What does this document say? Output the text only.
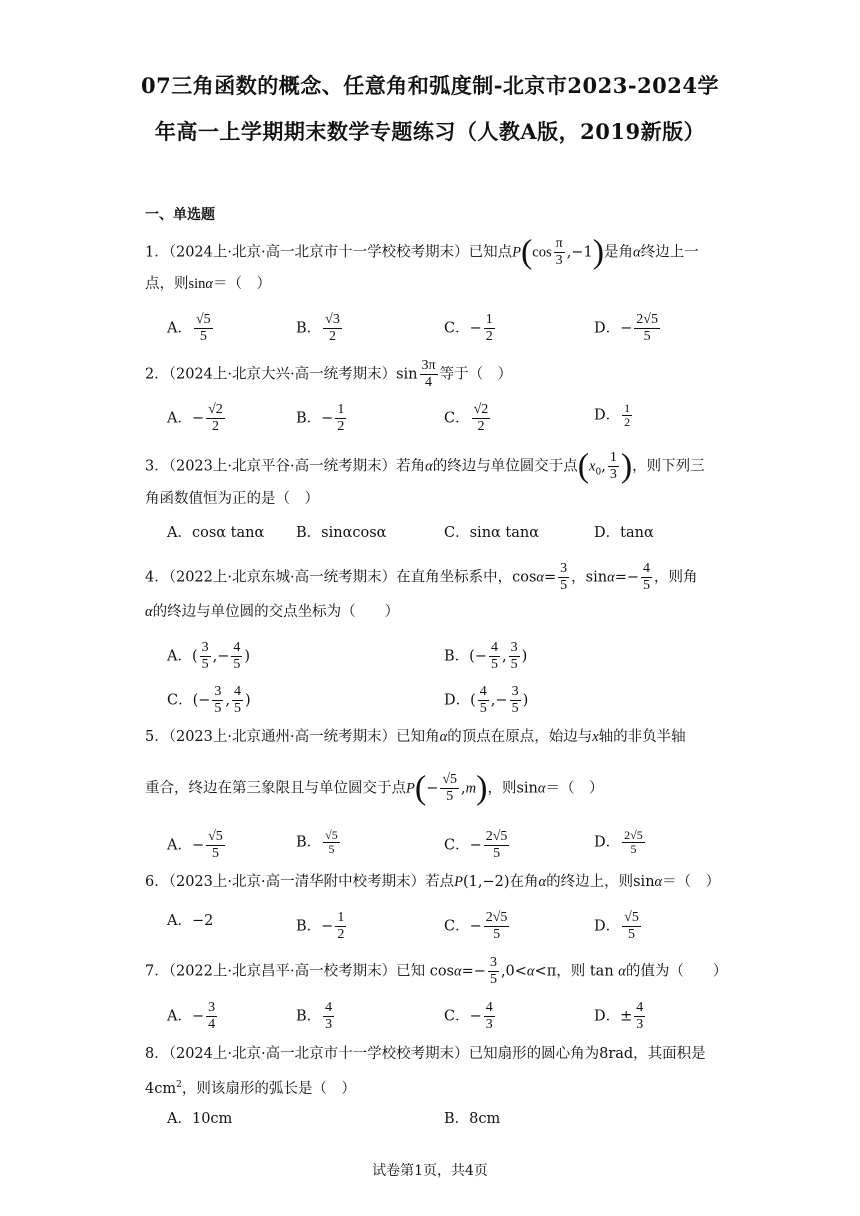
07三角函数的概念、任意角和弧度制-北京市2023-2024学
年高一上学期期末数学专题练习（人教A版，2019新版）
一、单选题
1．（2024上·北京·高一北京市十一学校校考期末）已知点$P(\cos \frac{\pi}{3} ,-1)$是角α终边上一
点，则sinα＝（　）
A． $\frac{√5}{5}$	B． $\frac{√3}{2}$	C．− $\frac{1}{2}$	D．− $\frac{2√5}{5}$
2．（2024上·北京大兴·高一统考期末）$\sin \frac{3\pi}{4}$ 等于（　）
A．− $\frac{√2}{2}$	B．− $\frac{1}{2}$	C． $\frac{√2}{2}$	D． $\frac{1}{2}$
3．（2023上·北京平谷·高一统考期末）若角α的终边与单位圆交于点($x_0$, $\frac{1}{3}$ )，则下列三
角函数值恒为正的是（　）
A．cosα tanα B．sinαcosα	C．sinα tanα	D．tanα
4．（2022上·北京东城·高一统考期末）在直角坐标系中，$\cos\alpha= \frac{3}{5}$ ，$\sin\alpha=- \frac{4}{5}$ ，则角
α的终边与单位圆的交点坐标为（　　）
A．( $\frac{3}{5}$ ,− $\frac{4}{5}$ )	B．(− $\frac{4}{5}$ , $\frac{3}{5}$ )
C．(− $\frac{3}{5}$ , $\frac{4}{5}$ )	D．( $\frac{4}{5}$ ,− $\frac{3}{5}$ )
5．（2023上·北京通州·高一统考期末）已知角α的顶点在原点，始边与x轴的非负半轴
重合，终边在第三象限且与单位圆交于点$P(- \frac{√5}{5} ,m)$，则sinα＝（　）
A．− $\frac{√5}{5}$	B． $\frac{√5}{5}$	C．− $\frac{2√5}{5}$	D． $\frac{2√5}{5}$
6．（2023上·北京·高一清华附中校考期末）若点P(1,−2)在角α的终边上，则sinα＝（　）
A．−2	B．− $\frac{1}{2}$	C．− $\frac{2√5}{5}$	D． $\frac{√5}{5}$
7．（2022上·北京昌平·高一校考期末）已知 $\cos\alpha=- \frac{3}{5} ,0<\alpha<\pi$，则 tan α的值为（　　）
A．− $\frac{3}{4}$	B． $\frac{4}{3}$	C．− $\frac{4}{3}$	D．± $\frac{4}{3}$
8．（2024上·北京·高一北京市十一学校校考期末）已知扇形的圆心角为8rad，其面积是
$4cm^2$，则该扇形的弧长是（　）
A．10cm	B．8cm
试卷第1页，共4页
